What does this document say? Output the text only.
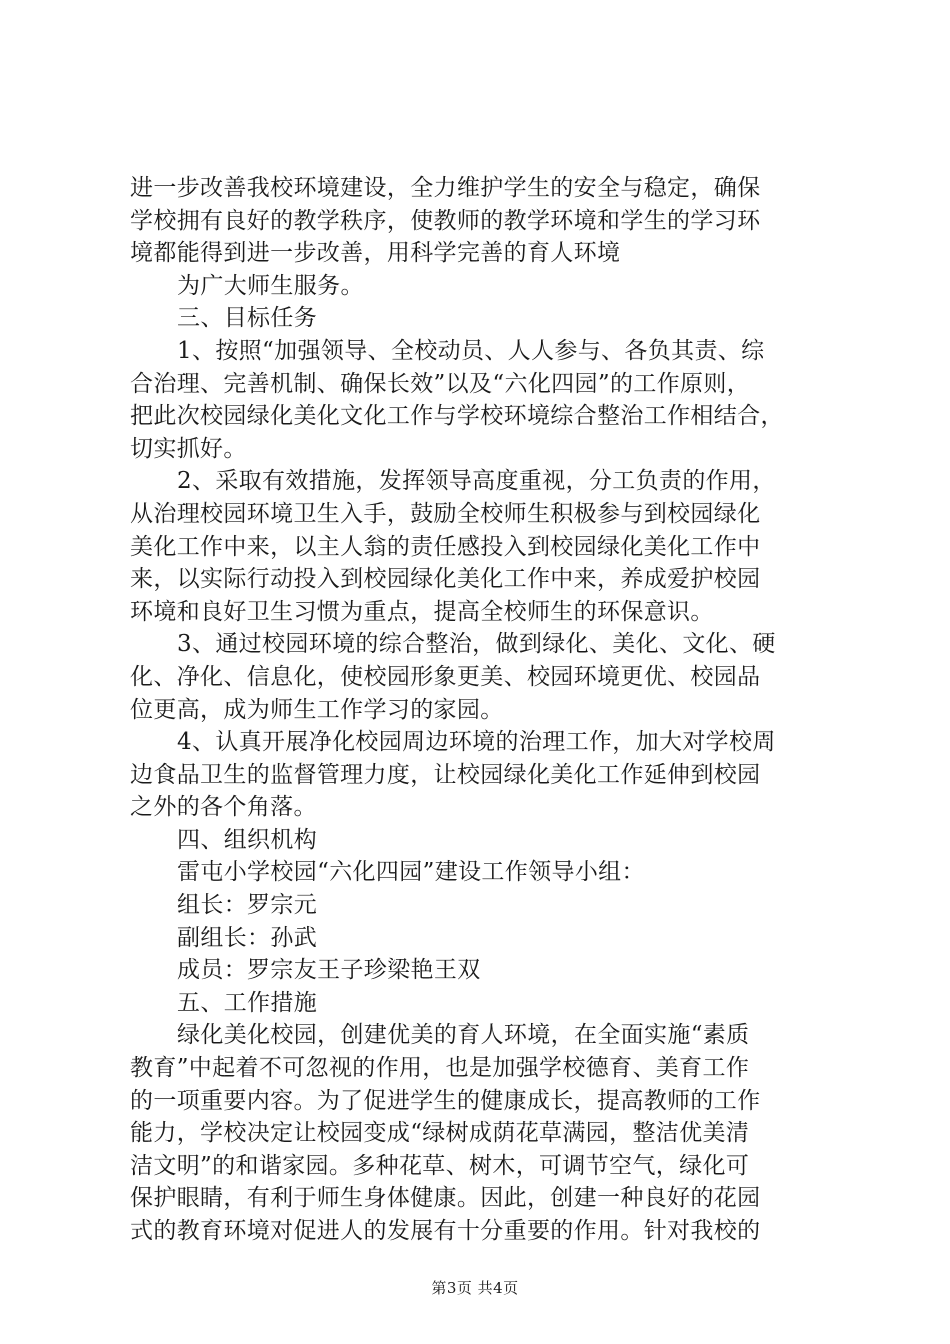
进一步改善我校环境建设，全力维护学生的安全与稳定，确保
学校拥有良好的教学秩序，使教师的教学环境和学生的学习环
境都能得到进一步改善，用科学完善的育人环境
为广大师生服务。
三、目标任务
1、按照“加强领导、全校动员、人人参与、各负其责、综
合治理、完善机制、确保长效”以及“六化四园”的工作原则，
把此次校园绿化美化文化工作与学校环境综合整治工作相结合，
切实抓好。
2、采取有效措施，发挥领导高度重视，分工负责的作用，
从治理校园环境卫生入手，鼓励全校师生积极参与到校园绿化
美化工作中来，以主人翁的责任感投入到校园绿化美化工作中
来，以实际行动投入到校园绿化美化工作中来，养成爱护校园
环境和良好卫生习惯为重点，提高全校师生的环保意识。
3、通过校园环境的综合整治，做到绿化、美化、文化、硬
化、净化、信息化，使校园形象更美、校园环境更优、校园品
位更高，成为师生工作学习的家园。
4、认真开展净化校园周边环境的治理工作，加大对学校周
边食品卫生的监督管理力度，让校园绿化美化工作延伸到校园
之外的各个角落。
四、组织机构
雷屯小学校园“六化四园”建设工作领导小组：
组长：罗宗元
副组长：孙武
成员：罗宗友王子珍梁艳王双
五、工作措施
绿化美化校园，创建优美的育人环境，在全面实施“素质
教育”中起着不可忽视的作用，也是加强学校德育、美育工作
的一项重要内容。为了促进学生的健康成长，提高教师的工作
能力，学校决定让校园变成“绿树成荫花草满园，整洁优美清
洁文明”的和谐家园。多种花草、树木，可调节空气，绿化可
保护眼睛，有利于师生身体健康。因此，创建一种良好的花园
式的教育环境对促进人的发展有十分重要的作用。针对我校的
第3页 共4页
